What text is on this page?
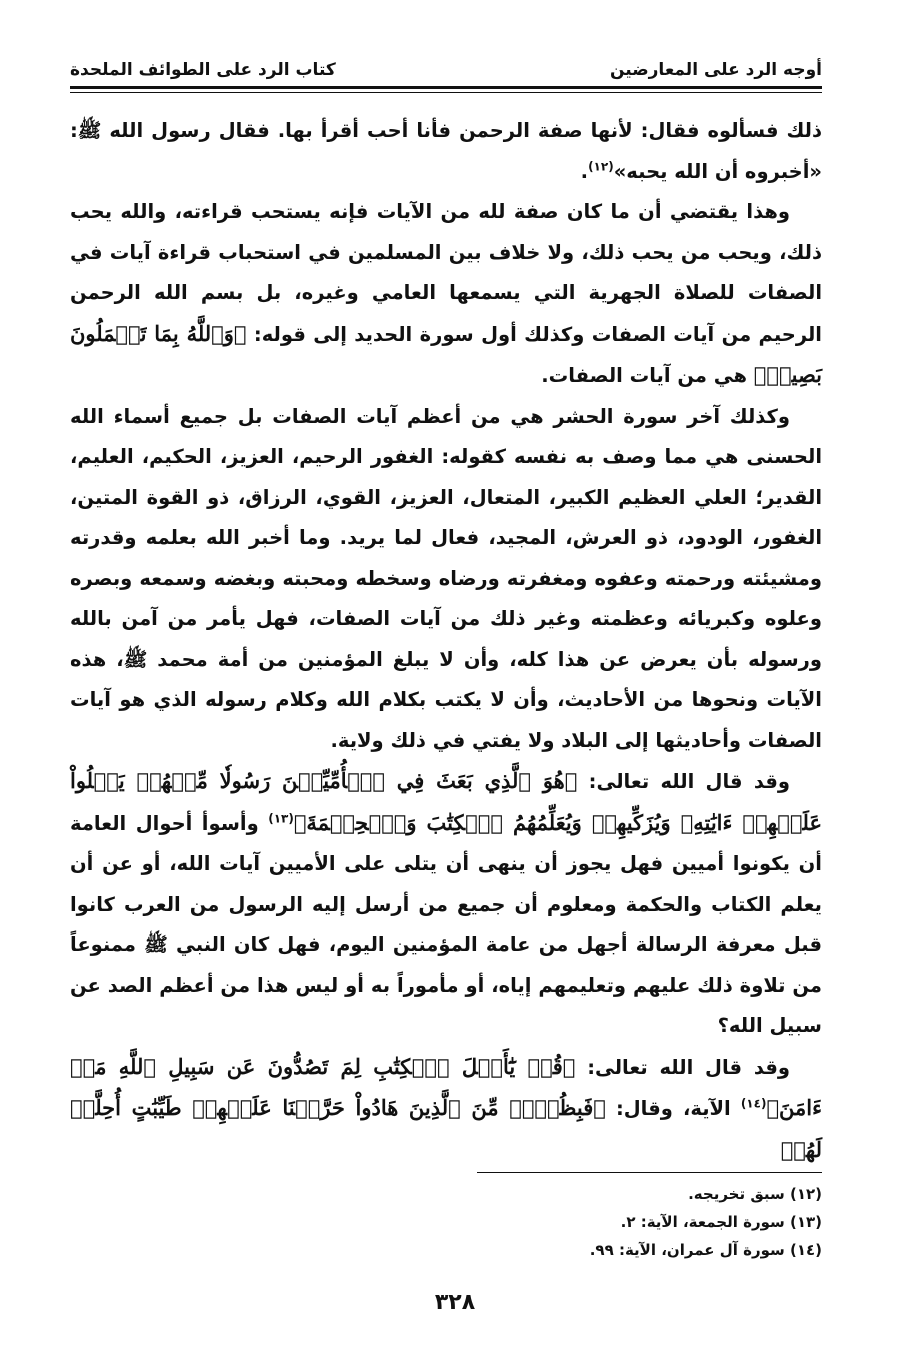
أوجه الرد على المعارضين
كتاب الرد على الطوائف الملحدة

ذلك فسألوه فقال: لأنها صفة الرحمن فأنا أحب أقرأ بها. فقال رسول الله ﷺ: «أخبروه أن الله يحبه»$^{(١٢)}$.

وهذا يقتضي أن ما كان صفة لله من الآيات فإنه يستحب قراءته، والله يحب ذلك، ويحب من يحب ذلك، ولا خلاف بين المسلمين في استحباب قراءة آيات في الصفات للصلاة الجهرية التي يسمعها العامي وغيره، بل بسم الله الرحمن الرحيم من آيات الصفات وكذلك أول سورة الحديد إلى قوله: ﴿وَٱللَّهُ بِمَا تَعۡمَلُونَ بَصِيرٞ﴾ هي من آيات الصفات.

وكذلك آخر سورة الحشر هي من أعظم آيات الصفات بل جميع أسماء الله الحسنى هي مما وصف به نفسه كقوله: الغفور الرحيم، العزيز، الحكيم، العليم، القدير؛ العلي العظيم الكبير، المتعال، العزيز، القوي، الرزاق، ذو القوة المتين، الغفور، الودود، ذو العرش، المجيد، فعال لما يريد. وما أخبر الله بعلمه وقدرته ومشيئته ورحمته وعفوه ومغفرته ورضاه وسخطه ومحبته وبغضه وسمعه وبصره وعلوه وكبريائه وعظمته وغير ذلك من آيات الصفات، فهل يأمر من آمن بالله ورسوله بأن يعرض عن هذا كله، وأن لا يبلغ المؤمنين من أمة محمد ﷺ، هذه الآيات ونحوها من الأحاديث، وأن لا يكتب بكلام الله وكلام رسوله الذي هو آيات الصفات وأحاديثها إلى البلاد ولا يفتي في ذلك ولاية.

وقد قال الله تعالى: ﴿هُوَ ٱلَّذِي بَعَثَ فِي ٱلۡأُمِّيِّـۧنَ رَسُولٗا مِّنۡهُمۡ يَتۡلُواْ عَلَيۡهِمۡ ءَايَٰتِهِۦ وَيُزَكِّيهِمۡ وَيُعَلِّمُهُمُ ٱلۡكِتَٰبَ وَٱلۡحِكۡمَةَ﴾$^{(١٣)}$ وأسوأ أحوال العامة أن يكونوا أميين فهل يجوز أن ينهى أن يتلى على الأميين آيات الله، أو عن أن يعلم الكتاب والحكمة ومعلوم أن جميع من أرسل إليه الرسول من العرب كانوا قبل معرفة الرسالة أجهل من عامة المؤمنين اليوم، فهل كان النبي ﷺ ممنوعاً من تلاوة ذلك عليهم وتعليمهم إياه، أو مأموراً به أو ليس هذا من أعظم الصد عن سبيل الله؟

وقد قال الله تعالى: ﴿قُلۡ يَٰٓأَهۡلَ ٱلۡكِتَٰبِ لِمَ تَصُدُّونَ عَن سَبِيلِ ٱللَّهِ مَنۡ ءَامَنَ﴾$^{(١٤)}$ الآية، وقال: ﴿فَبِظُلۡمٖ مِّنَ ٱلَّذِينَ هَادُواْ حَرَّمۡنَا عَلَيۡهِمۡ طَيِّبَٰتٍ أُحِلَّتۡ لَهُمۡ

(١٢) سبق تخريجه.
(١٣) سورة الجمعة، الآية: ٢.
(١٤) سورة آل عمران، الآية: ٩٩.
٣٢٨
